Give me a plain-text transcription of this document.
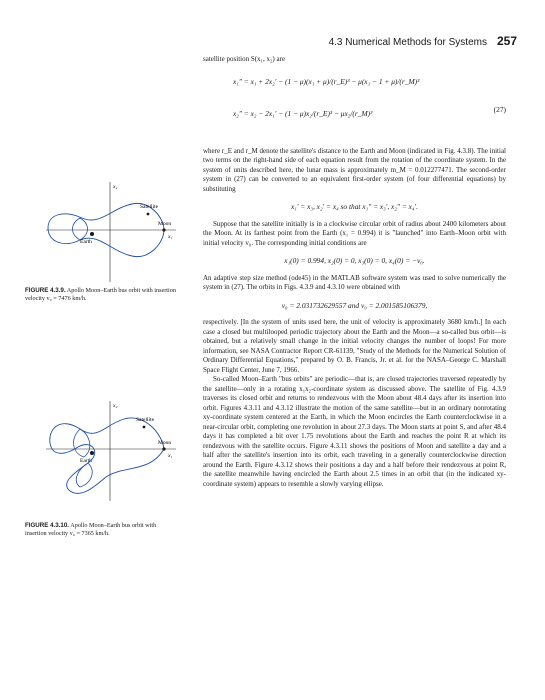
4.3 Numerical Methods for Systems 257
Satellite
Moon
Earth
x₁
x₂
FIGURE 4.3.9. Apollo Moon–Earth bus orbit with insertion velocity v₀ = 7476 km/h.
Satellite
Moon
Earth
x₁
x₂
FIGURE 4.3.10. Apollo Moon–Earth bus orbit with insertion velocity v₀ = 7365 km/h.

satellite position S(x₁, x₂) are

x₁″ = x₁ + 2x₂′ − (1 − μ)(x₁ + μ)/(r_E)³ − μ(x₁ − 1 + μ)/(r_M)³
x₂″ = x₂ − 2x₁′ − (1 − μ)x₂/(r_E)³ − μx₂/(r_M)³	(27)

where r_E and r_M denote the satellite's distance to the Earth and Moon (indicated in Fig. 4.3.8). The initial two terms on the right-hand side of each equation result from the rotation of the coordinate system. In the system of units described here, the lunar mass is approximately m_M = 0.012277471. The second-order system in (27) can be converted to an equivalent first-order system (of four differential equations) by substituting

x₁′ = x₃, x₂′ = x₄ so that x₁″ = x₃′, x₂″ = x₄′.

Suppose that the satellite initially is in a clockwise circular orbit of radius about 2400 kilometers about the Moon. At its farthest point from the Earth (x₁ = 0.994) it is "launched" into Earth–Moon orbit with initial velocity v₀. The corresponding initial conditions are

x₁(0) = 0.994, x₂(0) = 0, x₃(0) = 0, x₄(0) = −v₀.

An adaptive step size method (ode45) in the MATLAB software system was used to solve numerically the system in (27). The orbits in Figs. 4.3.9 and 4.3.10 were obtained with

v₀ = 2.031732629557 and v₀ = 2.001585106379,

respectively. [In the system of units used here, the unit of velocity is approximately 3680 km/h.] In each case a closed but multilooped periodic trajectory about the Earth and the Moon—a so-called bus orbit—is obtained, but a relatively small change in the initial velocity changes the number of loops! For more information, see NASA Contractor Report CR-61139, "Study of the Methods for the Numerical Solution of Ordinary Differential Equations," prepared by O. B. Francis, Jr. et al. for the NASA–George C. Marshall Space Flight Center, June 7, 1966.

So-called Moon–Earth "bus orbits" are periodic—that is, are closed trajectories traversed repeatedly by the satellite—only in a rotating x₁x₂-coordinate system as discussed above. The satellite of Fig. 4.3.9 traverses its closed orbit and returns to rendezvous with the Moon about 48.4 days after its insertion into orbit. Figures 4.3.11 and 4.3.12 illustrate the motion of the same satellite—but in an ordinary nonrotating xy-coordinate system centered at the Earth, in which the Moon encircles the Earth counterclockwise in a near-circular orbit, completing one revolution in about 27.3 days. The Moon starts at point S, and after 48.4 days it has completed a bit over 1.75 revolutions about the Earth and reaches the point R at which its rendezvous with the satellite occurs. Figure 4.3.11 shows the positions of Moon and satellite a day and a half after the satellite's insertion into its orbit, each traveling in a generally counterclockwise direction around the Earth. Figure 4.3.12 shows their positions a day and a half before their rendezvous at point R, the satellite meanwhile having encircled the Earth about 2.5 times in an orbit that (in the indicated xy-coordinate system) appears to resemble a slowly varying ellipse.
